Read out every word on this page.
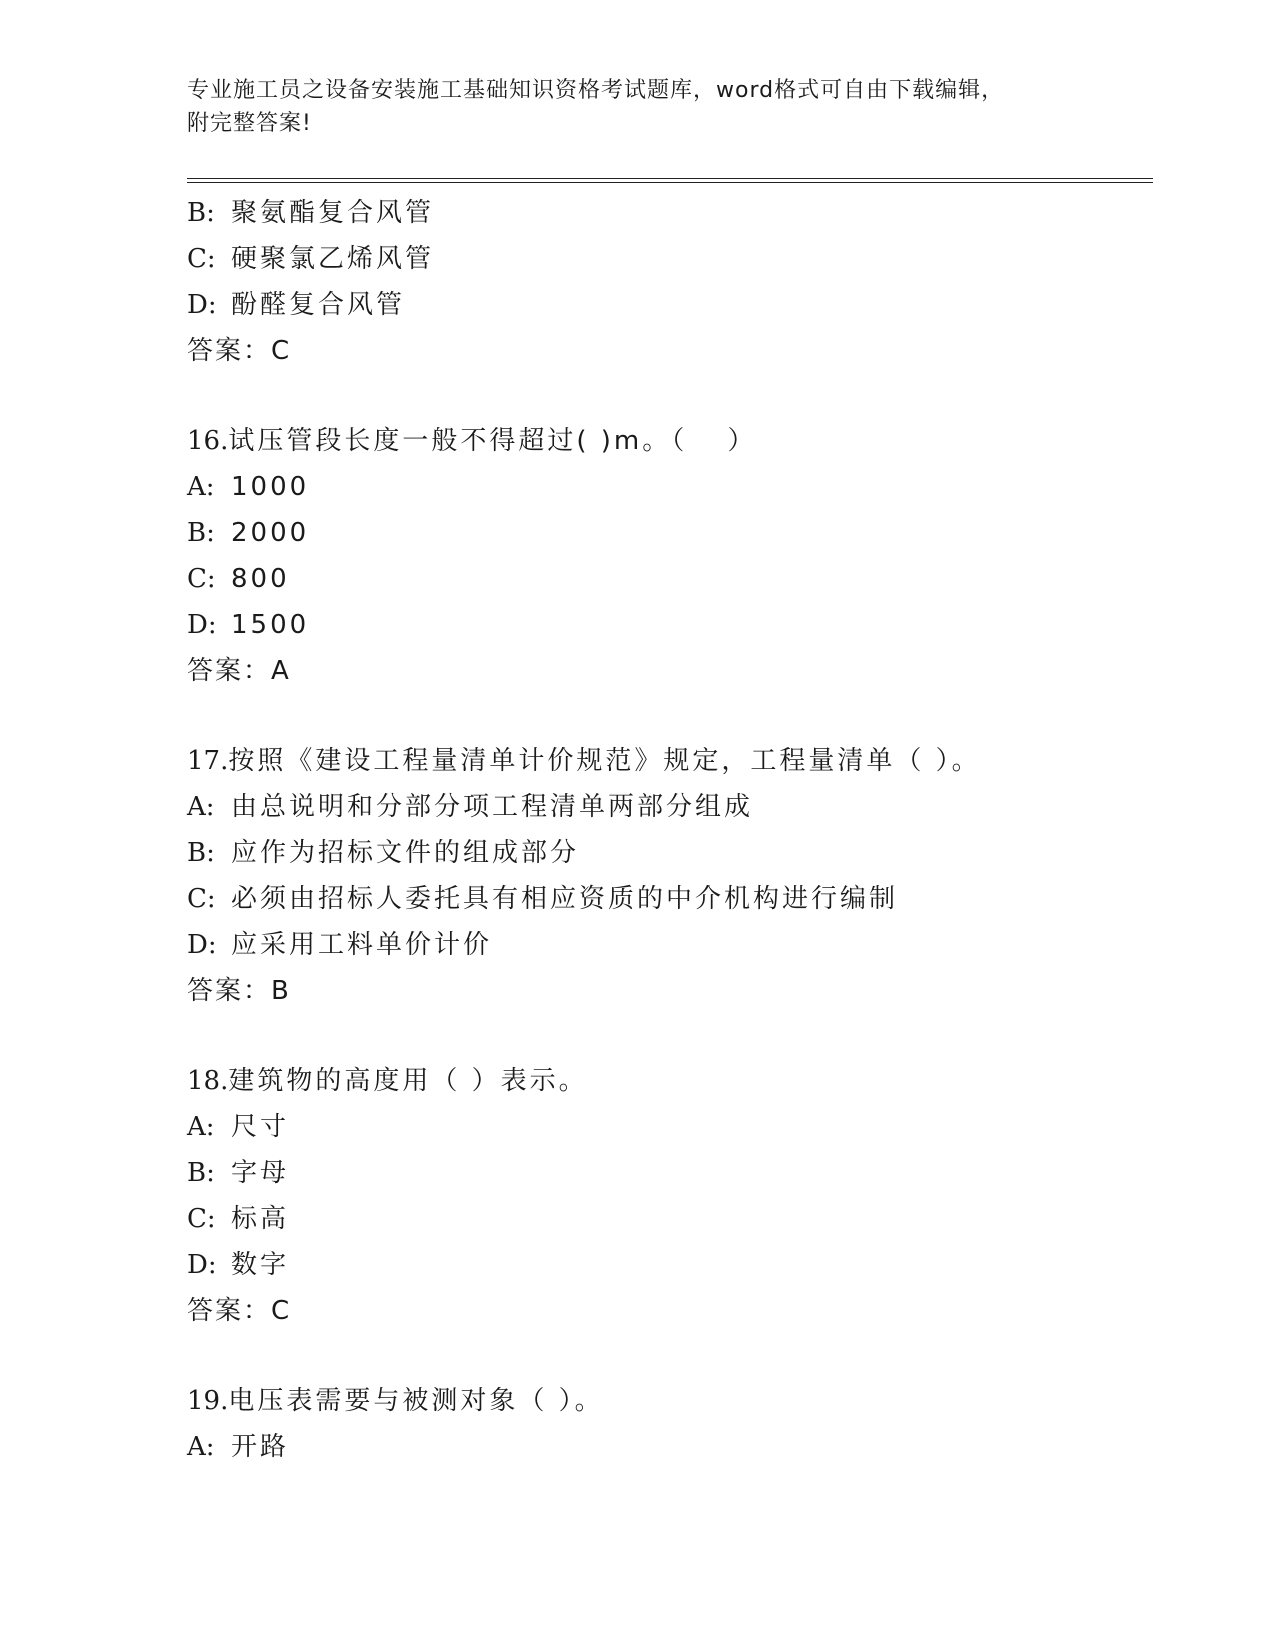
专业施工员之设备安装施工基础知识资格考试题库，word格式可自由下载编辑，
附完整答案!
B: 聚氨酯复合风管
C: 硬聚氯乙烯风管
D: 酚醛复合风管
答案：C
16.试压管段长度一般不得超过( )m。（　 ）
A: 1000
B: 2000
C: 800
D: 1500
答案：A
17.按照《建设工程量清单计价规范》规定，工程量清单（ ）。
A: 由总说明和分部分项工程清单两部分组成
B: 应作为招标文件的组成部分
C: 必须由招标人委托具有相应资质的中介机构进行编制
D: 应采用工料单价计价
答案：B
18.建筑物的高度用（ ）表示。
A: 尺寸
B: 字母
C: 标高
D: 数字
答案：C
19.电压表需要与被测对象（ ）。
A: 开路
